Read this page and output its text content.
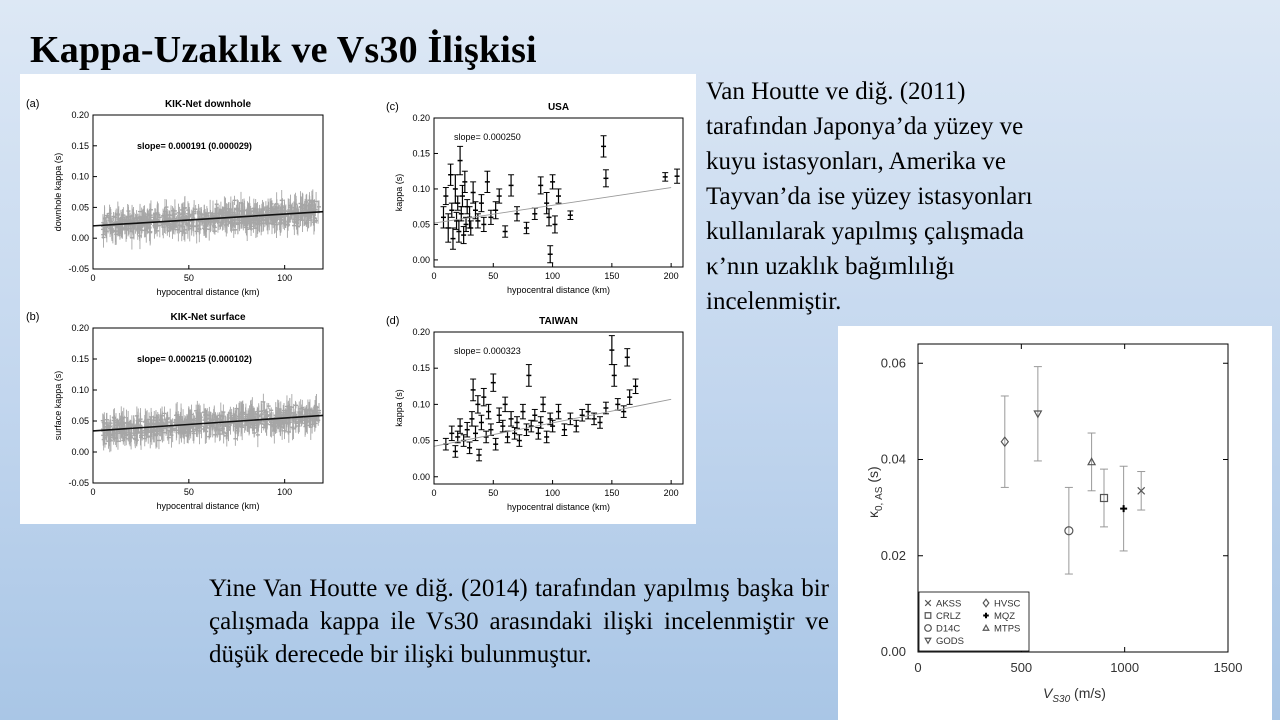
Kappa-Uzaklık ve Vs30 İlişkisi
-0.05
0.00
0.05
0.10
0.15
0.20
0	50	100
(a)	KIK-Net downhole
slope= 0.000191 (0.000029)
hypocentral distance (km)
downhole kappa (s)
-0.05
0.00
0.05
0.10
0.15
0.20
0	50	100
(b)	KIK-Net surface
slope= 0.000215 (0.000102)
hypocentral distance (km)
surface kappa (s)
0.00
0.05
0.10
0.15
0.20
0	50	100	150	200
(c)	USA
slope= 0.000250
hypocentral distance (km)
kappa (s)
0.00
0.05
0.10
0.15
0.20
0	50	100	150	200
(d)	TAIWAN
slope= 0.000323
hypocentral distance (km)
kappa (s)
Van Houtte ve diğ. (2011)
tarafından Japonya’da yüzey ve
kuyu istasyonları, Amerika ve
Tayvan’da ise yüzey istasyonları
kullanılarak yapılmış çalışmada
κ’nın uzaklık bağımlılığı
incelenmiştir.
0.00
0.02
0.04
0.06
0	500	1000	1500
AKSS
CRLZ
D14C
GODS
HVSC
MQZ
MTPS
$V_{S30}$ (m/s)
$\kappa_{0, AS}$ (s)
Yine Van Houtte ve diğ. (2014) tarafından yapılmış başka bir çalışmada kappa ile Vs30 arasındaki ilişki incelenmiştir ve düşük derecede bir ilişki bulunmuştur.
